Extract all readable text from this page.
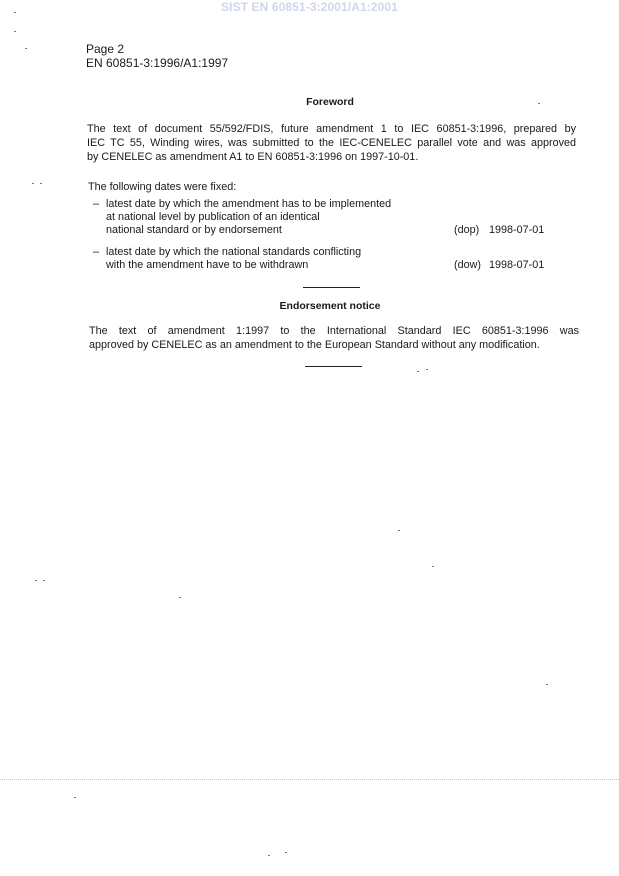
SIST EN 60851-3:2001/A1:2001
Page 2
EN 60851-3:1996/A1:1997
Foreword
The text of document 55/592/FDIS, future amendment 1 to IEC 60851-3:1996, prepared by
IEC TC 55, Winding wires, was submitted to the IEC-CENELEC parallel vote and was approved
by CENELEC as amendment A1 to EN 60851-3:1996 on 1997-10-01.
The following dates were fixed:
– latest date by which the amendment has to be implemented
at national level by publication of an identical
national standard or by endorsement	(dop) 1998-07-01
– latest date by which the national standards conflicting
with the amendment have to be withdrawn	(dow) 1998-07-01
Endorsement notice
The text of amendment 1:1997 to the International Standard IEC 60851-3:1996 was
approved by CENELEC as an amendment to the European Standard without any modification.
